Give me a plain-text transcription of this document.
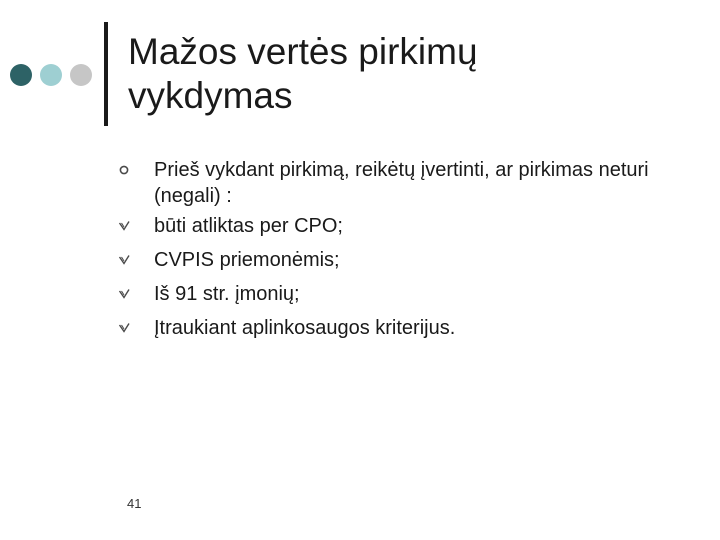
Mažos vertės pirkimų
vykdymas
Prieš vykdant pirkimą, reikėtų įvertinti, ar pirkimas neturi (negali) :
būti atliktas per CPO;
CVPIS priemonėmis;
Iš 91 str. įmonių;
Įtraukiant aplinkosaugos kriterijus.
41
